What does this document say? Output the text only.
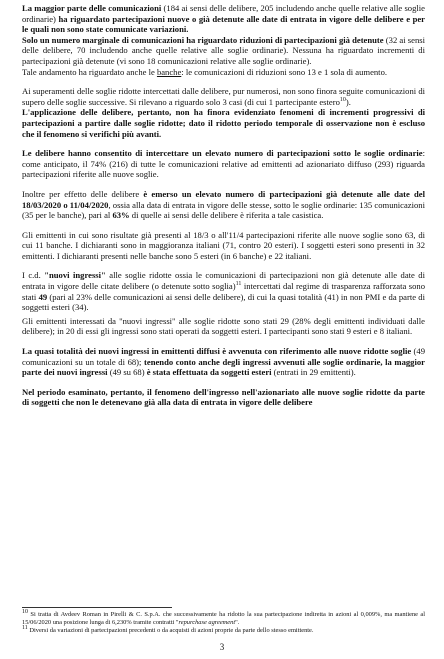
La maggior parte delle comunicazioni (184 ai sensi delle delibere, 205 includendo anche quelle relative alle soglie ordinarie) ha riguardato partecipazioni nuove o già detenute alle date di entrata in vigore delle delibere e per le quali non sono state comunicate variazioni.

Solo un numero marginale di comunicazioni ha riguardato riduzioni di partecipazioni già detenute (32 ai sensi delle delibere, 70 includendo anche quelle relative alle soglie ordinarie). Nessuna ha riguardato incrementi di partecipazioni già detenute (vi sono 18 comunicazioni relative alle soglie ordinarie).

Tale andamento ha riguardato anche le banche: le comunicazioni di riduzioni sono 13 e 1 sola di aumento.

Ai superamenti delle soglie ridotte intercettati dalle delibere, pur numerosi, non sono finora seguite comunicazioni di supero delle soglie successive. Si rilevano a riguardo solo 3 casi (di cui 1 partecipante estero$^{10}$).

L'applicazione delle delibere, pertanto, non ha finora evidenziato fenomeni di incrementi progressivi di partecipazioni a partire dalle soglie ridotte; dato il ridotto periodo temporale di osservazione non è escluso che il fenomeno si verifichi più avanti.

Le delibere hanno consentito di intercettare un elevato numero di partecipazioni sotto le soglie ordinarie: come anticipato, il 74% (216) di tutte le comunicazioni relative ad emittenti ad azionariato diffuso (293) riguarda partecipazioni riferite alle nuove soglie.

Inoltre per effetto delle delibere è emerso un elevato numero di partecipazioni già detenute alle date del 18/03/2020 o 11/04/2020, ossia alla data di entrata in vigore delle stesse, sotto le soglie ordinarie: 135 comunicazioni (35 per le banche), pari al 63% di quelle ai sensi delle delibere è riferita a tale casistica.

Gli emittenti in cui sono risultate già presenti al 18/3 o all'11/4 partecipazioni riferite alle nuove soglie sono 63, di cui 11 banche. I dichiaranti sono in maggioranza italiani (71, contro 20 esteri). I soggetti esteri sono presenti in 32 emittenti. I dichiaranti presenti nelle banche sono 5 esteri (in 6 banche) e 22 italiani.

I c.d. "nuovi ingressi" alle soglie ridotte ossia le comunicazioni di partecipazioni non già detenute alle date di entrata in vigore delle citate delibere (o detenute sotto soglia)$^{11}$ intercettati dal regime di trasparenza rafforzata sono stati 49 (pari al 23% delle comunicazioni ai sensi delle delibere), di cui la quasi totalità (41) in non PMI e da parte di soggetti esteri (34).

Gli emittenti interessati da "nuovi ingressi" alle soglie ridotte sono stati 29 (28% degli emittenti individuati dalle delibere); in 20 di essi gli ingressi sono stati operati da soggetti esteri. I partecipanti sono stati 9 esteri e 8 italiani.

La quasi totalità dei nuovi ingressi in emittenti diffusi è avvenuta con riferimento alle nuove ridotte soglie (49 comunicazioni su un totale di 68); tenendo conto anche degli ingressi avvenuti alle soglie ordinarie, la maggior parte dei nuovi ingressi (49 su 68) è stata effettuata da soggetti esteri (entrati in 29 emittenti).

Nel periodo esaminato, pertanto, il fenomeno dell'ingresso nell'azionariato alle nuove soglie ridotte da parte di soggetti che non le detenevano già alla data di entrata in vigore delle delibere

$^{10}$ Si tratta di Avdeev Roman in Pirelli & C. S.p.A. che successivamente ha ridotto la sua partecipazione indiretta in azioni al 0,009%, ma mantiene al 15/06/2020 una posizione lunga di 6,230% tramite contratti "repurchase agreement".

$^{11}$ Diversi da variazioni di partecipazioni precedenti o da acquisti di azioni proprie da parte dello stesso emittente.

3
